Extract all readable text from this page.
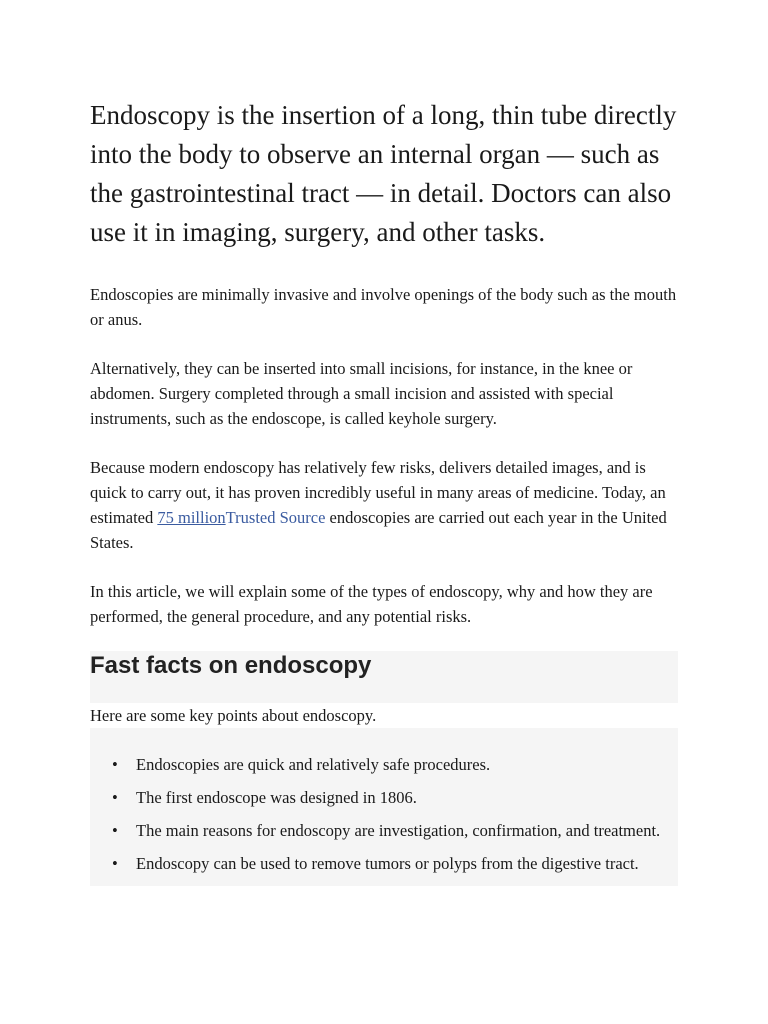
Endoscopy is the insertion of a long, thin tube directly into the body to observe an internal organ — such as the gastrointestinal tract — in detail. Doctors can also use it in imaging, surgery, and other tasks.

Endoscopies are minimally invasive and involve openings of the body such as the mouth or anus.

Alternatively, they can be inserted into small incisions, for instance, in the knee or abdomen. Surgery completed through a small incision and assisted with special instruments, such as the endoscope, is called keyhole surgery.

Because modern endoscopy has relatively few risks, delivers detailed images, and is quick to carry out, it has proven incredibly useful in many areas of medicine. Today, an estimated 75 millionTrusted Source endoscopies are carried out each year in the United States.

In this article, we will explain some of the types of endoscopy, why and how they are performed, the general procedure, and any potential risks.

Fast facts on endoscopy

Here are some key points about endoscopy.

• Endoscopies are quick and relatively safe procedures.
• The first endoscope was designed in 1806.
• The main reasons for endoscopy are investigation, confirmation, and treatment.
• Endoscopy can be used to remove tumors or polyps from the digestive tract.
